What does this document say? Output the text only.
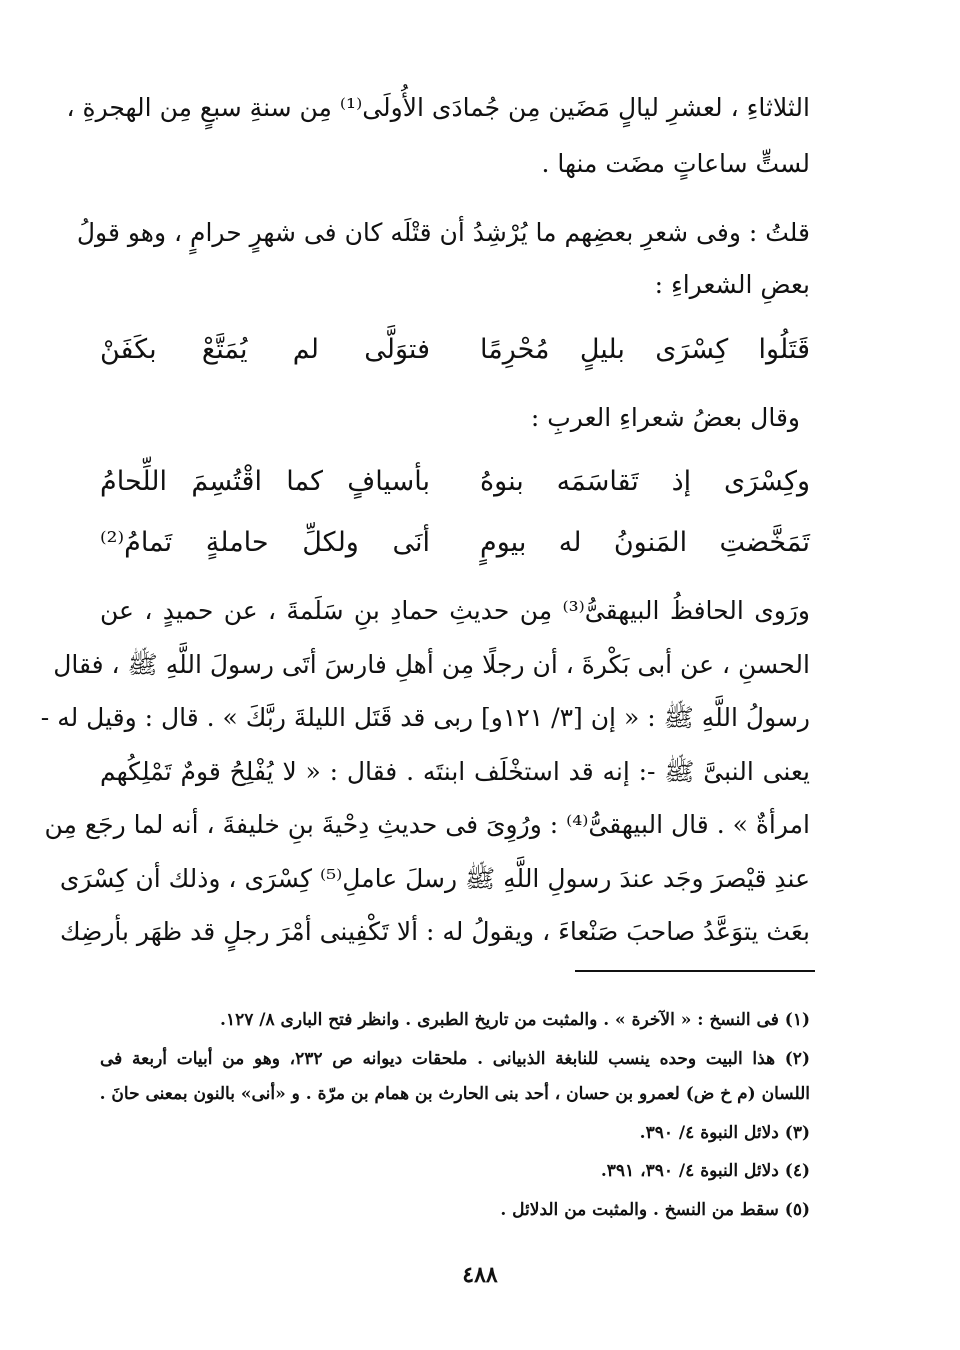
الثلاثاءِ ، لعشرِ ليالٍ مَضَين مِن جُمادَى الأُولَى⁽¹⁾ مِن سنةِ سبعٍ مِن الهجرةِ ،
لستٍّ ساعاتٍ مضَت منها .
قلتُ : وفى شعرِ بعضِهم ما يُرْشِدُ أن قتْلَه كان فى شهرٍ حرامٍ ، وهو قولُ
بعضِ الشعراءِ :
قَتَلُوا كِسْرَى بليلٍ مُحْرِمًا
فتوَلَّى لم يُمَتَّعْ بكَفَنْ
وقال بعضُ شعراءِ العربِ :
وكِسْرَى إذ تَقاسَمَه بنوهُ
بأسيافٍ كما اقْتُسِمَ اللِّحامُ
تَمَخَّضتِ المَنونُ له بيومٍ
أنَى ولكلِّ حاملةٍ تَمامُ⁽²⁾
ورَوى الحافظُ البيهقىُّ⁽³⁾ مِن حديثِ حمادِ بنِ سَلَمةَ ، عن حميدٍ ، عن
الحسنِ ، عن أبى بَكْرةَ ، أن رجلًا مِن أهلِ فارسَ أتَى رسولَ اللَّهِ ﷺ ، فقال
رسولُ اللَّهِ ﷺ : « إن [٣/ ١٢١و] ربى قد قَتَل الليلةَ ربَّكَ » . قال : وقيل له -
يعنى النبىَّ ﷺ -: إنه قد استخْلَف ابنتَه . فقال : « لا يُفْلِحُ قومٌ تَمْلِكُهم
امرأةٌ » . قال البيهقىُّ⁽⁴⁾ : ورُوِىَ فى حديثِ دِحْيةَ بنِ خليفةَ ، أنه لما رجَع مِن
عندِ قيْصرَ وجَد عندَ رسولِ اللَّهِ ﷺ رسلَ عاملِ⁽⁵⁾ كِسْرَى ، وذلك أن كِسْرَى
بعَث يتوَعَّدُ صاحبَ صَنْعاءَ ، ويقولُ له : ألا تَكْفِينى أمْرَ رجلٍ قد ظهَر بأرضِك
(١) فى النسخ : « الآخرة » . والمثبت من تاريخ الطبرى . وانظر فتح البارى ٨/ ١٢٧.
(٢) هذا البيت وحده ينسب للنابغة الذبيانى . ملحقات ديوانه ص ٢٣٢، وهو من أبيات أربعة فى
اللسان (م خ ض) لعمرو بن حسان ، أحد بنى الحارث بن همام بن مرّة . و «أنى» بالنون بمعنى حانَ .
(٣) دلائل النبوة ٤/ ٣٩٠.
(٤) دلائل النبوة ٤/ ٣٩٠، ٣٩١.
(٥) سقط من النسخ . والمثبت من الدلائل .
٤٨٨
